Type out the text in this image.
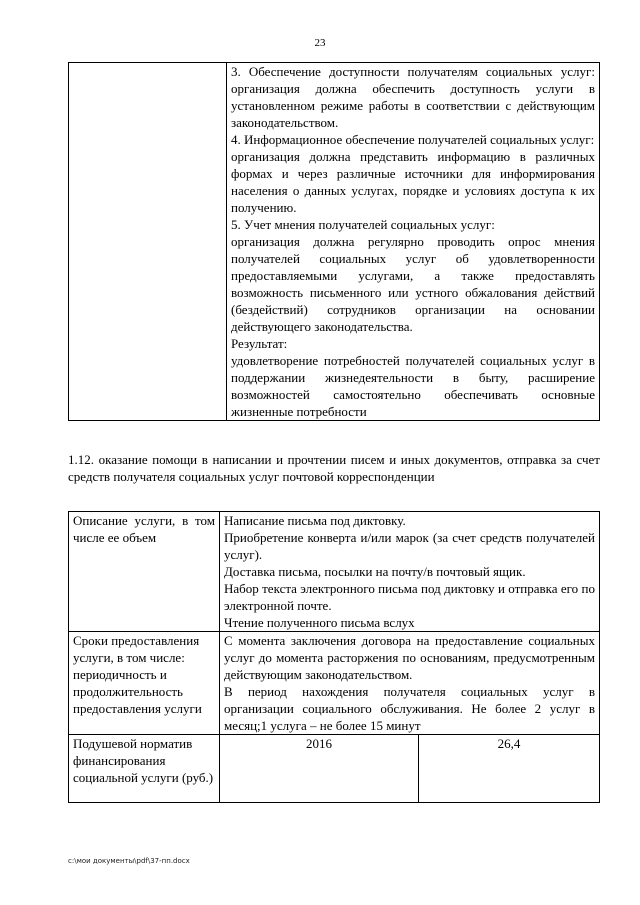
23

3. Обеспечение доступности получателям социальных услуг: организация должна обеспечить доступность услуги в установленном режиме работы в соответствии с действующим законодательством.

4. Информационное обеспечение получателей социальных услуг:

организация должна представить информацию в различных формах и через различные источники для информирования населения о данных услугах, порядке и условиях доступа к их получению.

5. Учет мнения получателей социальных услуг:

организация должна регулярно проводить опрос мнения получателей социальных услуг об удовлетворенности предоставляемыми услугами, а также предоставлять возможность письменного или устного обжалования действий (бездействий) сотрудников организации на основании действующего законодательства.

Результат:

удовлетворение потребностей получателей социальных услуг в поддержании жизнедеятельности в быту, расширение возможностей самостоятельно обеспечивать основные жизненные потребности

1.12. оказание помощи в написании и прочтении писем и иных документов, отправка за счет средств получателя социальных услуг почтовой корреспонденции

Описание услуги, в том числе ее объем	Написание письма под диктовку.

Приобретение конверта и/или марок (за счет средств получателей услуг).

Доставка письма, посылки на почту/в почтовый ящик.

Набор текста электронного письма под диктовку и отправка его по электронной почте.

Чтение полученного письма вслух	

Сроки предоставления услуги, в том числе: периодичность и продолжительность предоставления услуги	С момента заключения договора на предоставление социальных услуг до момента расторжения по основаниям, предусмотренным действующим законодательством.

В период нахождения получателя социальных услуг в организации социального обслуживания. Не более 2 услуг в месяц;1 услуга – не более 15 минут	

Подушевой норматив финансирования социальной услуги (руб.)	2016	26,4
c:\мои документы\pdf\37-пп.docx
